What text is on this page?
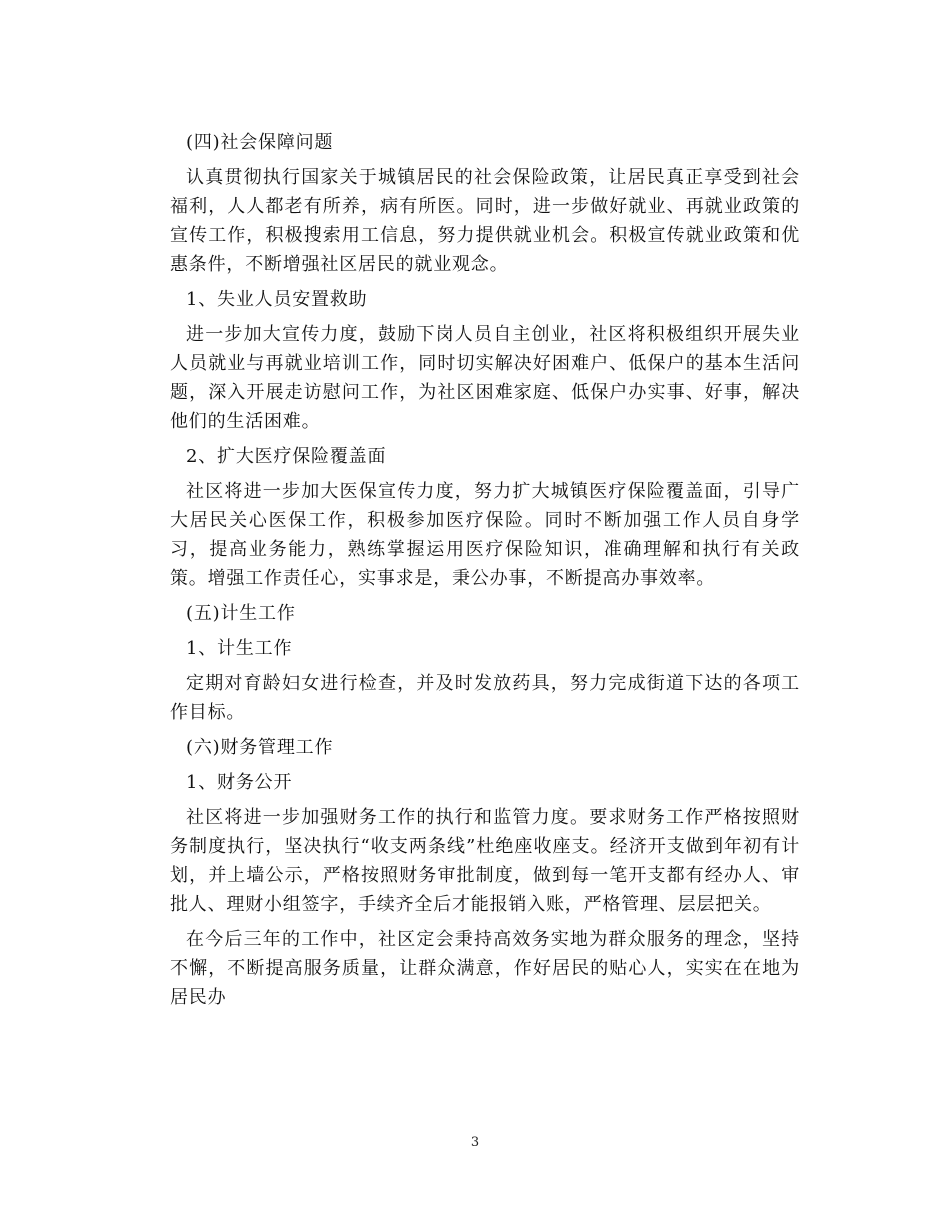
(四)社会保障问题

认真贯彻执行国家关于城镇居民的社会保险政策，让居民真正享受到社会福利，人人都老有所养，病有所医。同时，进一步做好就业、再就业政策的宣传工作，积极搜索用工信息，努力提供就业机会。积极宣传就业政策和优惠条件，不断增强社区居民的就业观念。

1、失业人员安置救助

进一步加大宣传力度，鼓励下岗人员自主创业，社区将积极组织开展失业人员就业与再就业培训工作，同时切实解决好困难户、低保户的基本生活问题，深入开展走访慰问工作，为社区困难家庭、低保户办实事、好事，解决他们的生活困难。

2、扩大医疗保险覆盖面

社区将进一步加大医保宣传力度，努力扩大城镇医疗保险覆盖面，引导广大居民关心医保工作，积极参加医疗保险。同时不断加强工作人员自身学习，提高业务能力，熟练掌握运用医疗保险知识，准确理解和执行有关政策。增强工作责任心，实事求是，秉公办事，不断提高办事效率。

(五)计生工作

1、计生工作

定期对育龄妇女进行检查，并及时发放药具，努力完成街道下达的各项工作目标。

(六)财务管理工作

1、财务公开

社区将进一步加强财务工作的执行和监管力度。要求财务工作严格按照财务制度执行，坚决执行“收支两条线”杜绝座收座支。经济开支做到年初有计划，并上墙公示，严格按照财务审批制度，做到每一笔开支都有经办人、审批人、理财小组签字，手续齐全后才能报销入账，严格管理、层层把关。

在今后三年的工作中，社区定会秉持高效务实地为群众服务的理念，坚持不懈，不断提高服务质量，让群众满意，作好居民的贴心人，实实在在地为居民办

3
